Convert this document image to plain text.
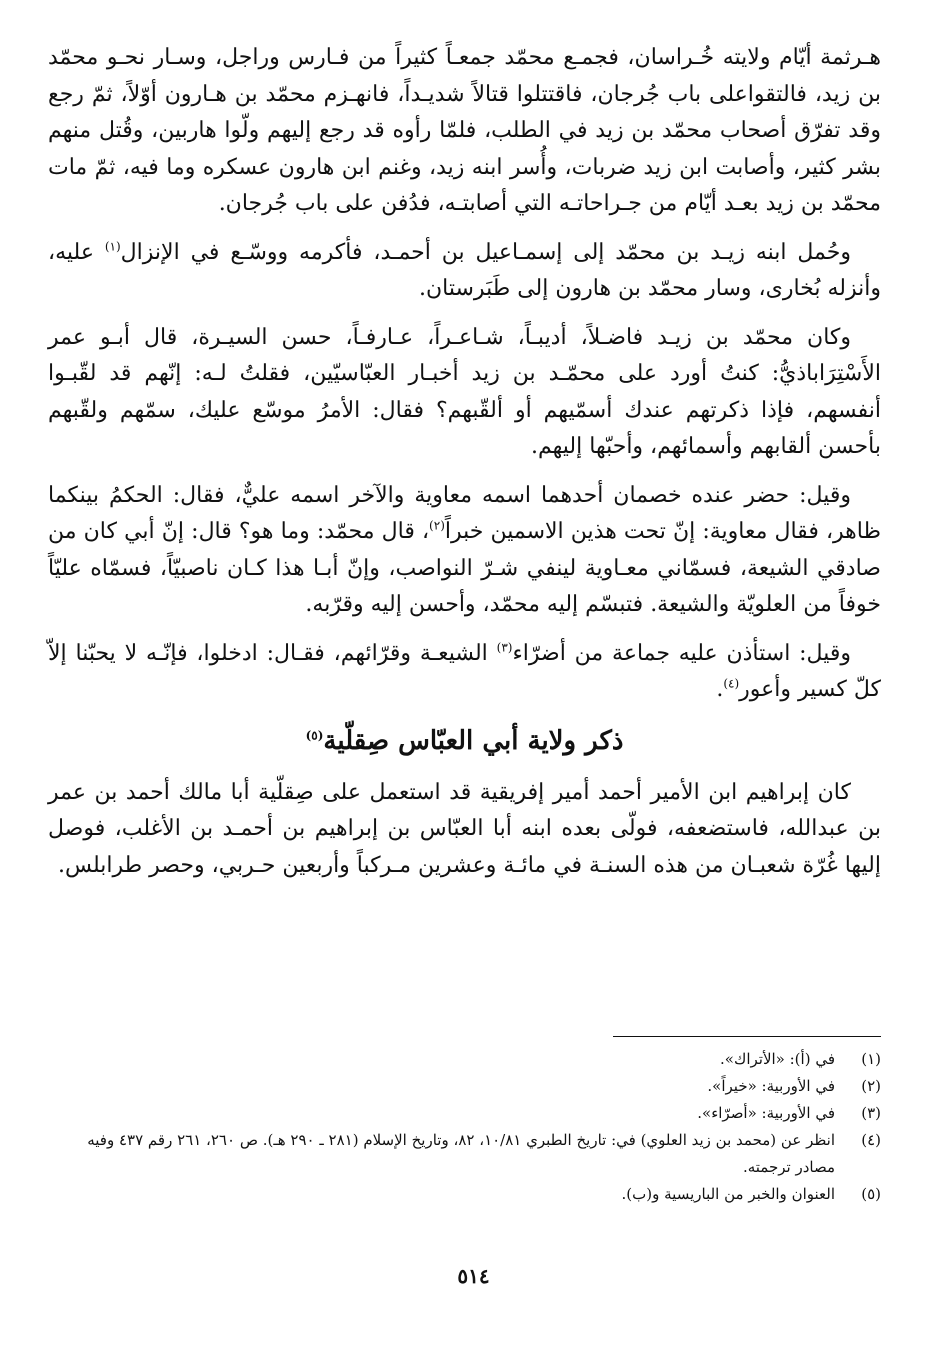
هـرثمة أيّام ولايته خُـراسان، فجمـع محمّد جمعـاً كثيراً من فـارس وراجل، وسـار نحـو محمّد بن زيد، فالتقواعلى باب جُرجان، فاقتتلوا قتالاً شديـداً، فانهـزم محمّد بن هـارون أوّلاً، ثمّ رجع وقد تفرّق أصحاب محمّد بن زيد في الطلب، فلمّا رأوه قد رجع إليهم ولّوا هاربين، وقُتل منهم بشر كثير، وأصابت ابن زيد ضربات، وأُسر ابنه زيد، وغنم ابن هارون عسكره وما فيه، ثمّ مات محمّد بن زيد بعـد أيّام من جـراحاتـه التي أصابتـه، فدُفن على باب جُرجان.

وحُمل ابنه زيـد بن محمّد إلى إسمـاعيل بن أحمـد، فأكرمه ووسّـع في الإنزال$^{(١)}$ عليه، وأنزله بُخارى، وسار محمّد بن هارون إلى طَبَرستان.

وكان محمّد بن زيـد فاضـلاً، أديبـاً، شـاعـراً، عـارفـاً، حسن السيـرة، قال أبـو عمر الأَسْتِرَاباذيُّ: كنتُ أورد على محمّـد بن زيد أخبـار العبّاسيّين، فقلتُ لـه: إنّهم قد لقّبـوا أنفسهم، فإذا ذكرتهم عندك أسمّيهم أو ألقّبهم؟ فقال: الأمرُ موسّع عليك، سمّهم ولقّبهم بأحسن ألقابهم وأسمائهم، وأحبّها إليهم.

وقيل: حضر عنده خصمان أحدهما اسمه معاوية والآخر اسمه عليٌّ، فقال: الحكمُ بينكما ظاهر، فقال معاوية: إنّ تحت هذين الاسمين خبراً$^{(٢)}$، قال محمّد: وما هو؟ قال: إنّ أبي كان من صادقي الشيعة، فسمّاني معـاوية لينفي شـرّ النواصب، وإنّ أبـا هذا كـان ناصبيّاً، فسمّاه عليّاً خوفاً من العلويّة والشيعة. فتبسّم إليه محمّد، وأحسن إليه وقرّبه.

وقيل: استأذن عليه جماعة من أضرّاء$^{(٣)}$ الشيعـة وقرّائهم، فقـال: ادخلوا، فإنّـه لا يحبّنا إلاّ كلّ كسير وأعور$^{(٤)}$.

ذكر ولاية أبي العبّاس صِقلّية$^{(٥)}$

كان إبراهيم ابن الأمير أحمد أمير إفريقية قد استعمل على صِقلّية أبا مالك أحمد بن عمر بن عبدالله، فاستضعفه، فولّى بعده ابنه أبا العبّاس بن إبراهيم بن أحمـد بن الأغلب، فوصل إليها غُرّة شعبـان من هذه السنـة في مائـة وعشرين مـركباً وأربعين حـربي، وحصر طرابلس.

(١)
في (أ): «الأتراك».
(٢)
في الأوربية: «خيراً».
(٣)
في الأوربية: «أصرّاء».
(٤)
انظر عن (محمد بن زيد العلوي) في: تاريخ الطبري ١٠/٨١، ٨٢، وتاريخ الإسلام (٢٨١ ـ ٢٩٠ هـ). ص ٢٦٠، ٢٦١ رقم ٤٣٧ وفيه مصادر ترجمته.
(٥)
العنوان والخبر من الباريسية و(ب).
٥١٤
